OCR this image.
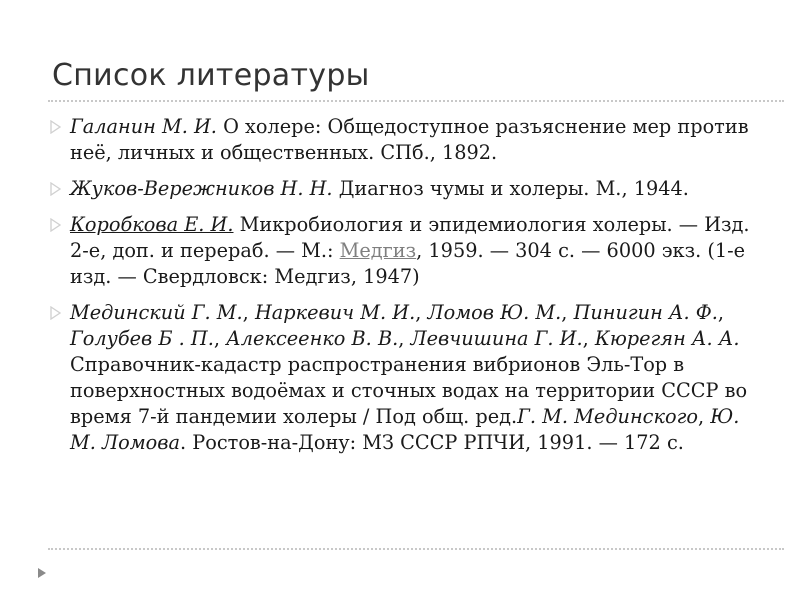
Список литературы
Галанин М. И. О холере: Общедоступное разъяснение мер против неё, личных и общественных. СПб., 1892.
Жуков-Вережников Н. Н. Диагноз чумы и холеры. М., 1944.
Коробкова Е. И. Микробиология и эпидемиология холеры. — Изд. 2-е, доп. и перераб. — М.: Медгиз, 1959. — 304 с. — 6000 экз. (1-е изд. — Свердловск: Медгиз, 1947)
Мединский Г. М., Наркевич М. И., Ломов Ю. М., Пинигин А. Ф., Голубев Б . П., Алексеенко В. В., Левчишина Г. И., Кюрегян А. А. Справочник-кадастр распространения вибрионов Эль-Тор в поверхностных водоёмах и сточных водах на территории СССР во время 7-й пандемии холеры / Под общ. ред.Г. М. Мединского, Ю. М. Ломова. Ростов-на-Дону: МЗ СССР РПЧИ, 1991. — 172 с.
